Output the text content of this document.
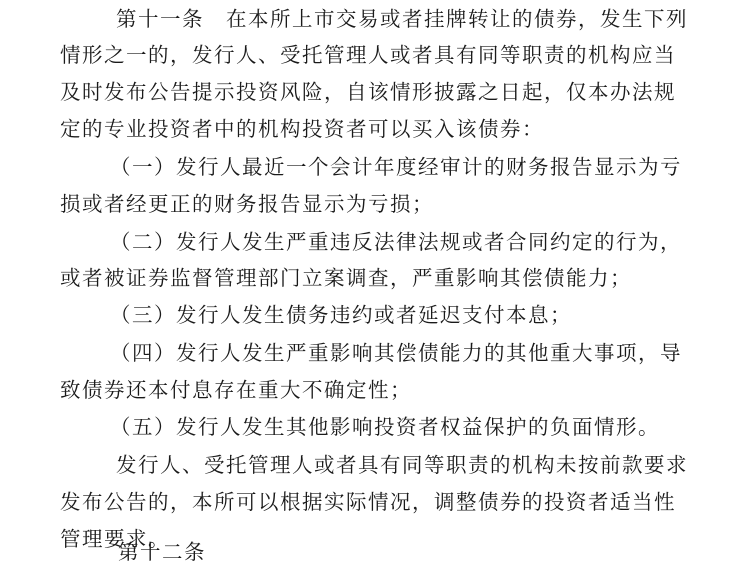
第十一条 在本所上市交易或者挂牌转让的债券，发生下列
情形之一的，发行人、受托管理人或者具有同等职责的机构应当
及时发布公告提示投资风险，自该情形披露之日起，仅本办法规
定的专业投资者中的机构投资者可以买入该债券：
（一）发行人最近一个会计年度经审计的财务报告显示为亏
损或者经更正的财务报告显示为亏损；
（二）发行人发生严重违反法律法规或者合同约定的行为，
或者被证券监督管理部门立案调查，严重影响其偿债能力；
（三）发行人发生债务违约或者延迟支付本息；
（四）发行人发生严重影响其偿债能力的其他重大事项，导
致债券还本付息存在重大不确定性；
（五）发行人发生其他影响投资者权益保护的负面情形。
发行人、受托管理人或者具有同等职责的机构未按前款要求
发布公告的，本所可以根据实际情况，调整债券的投资者适当性
管理要求。
第十二条
